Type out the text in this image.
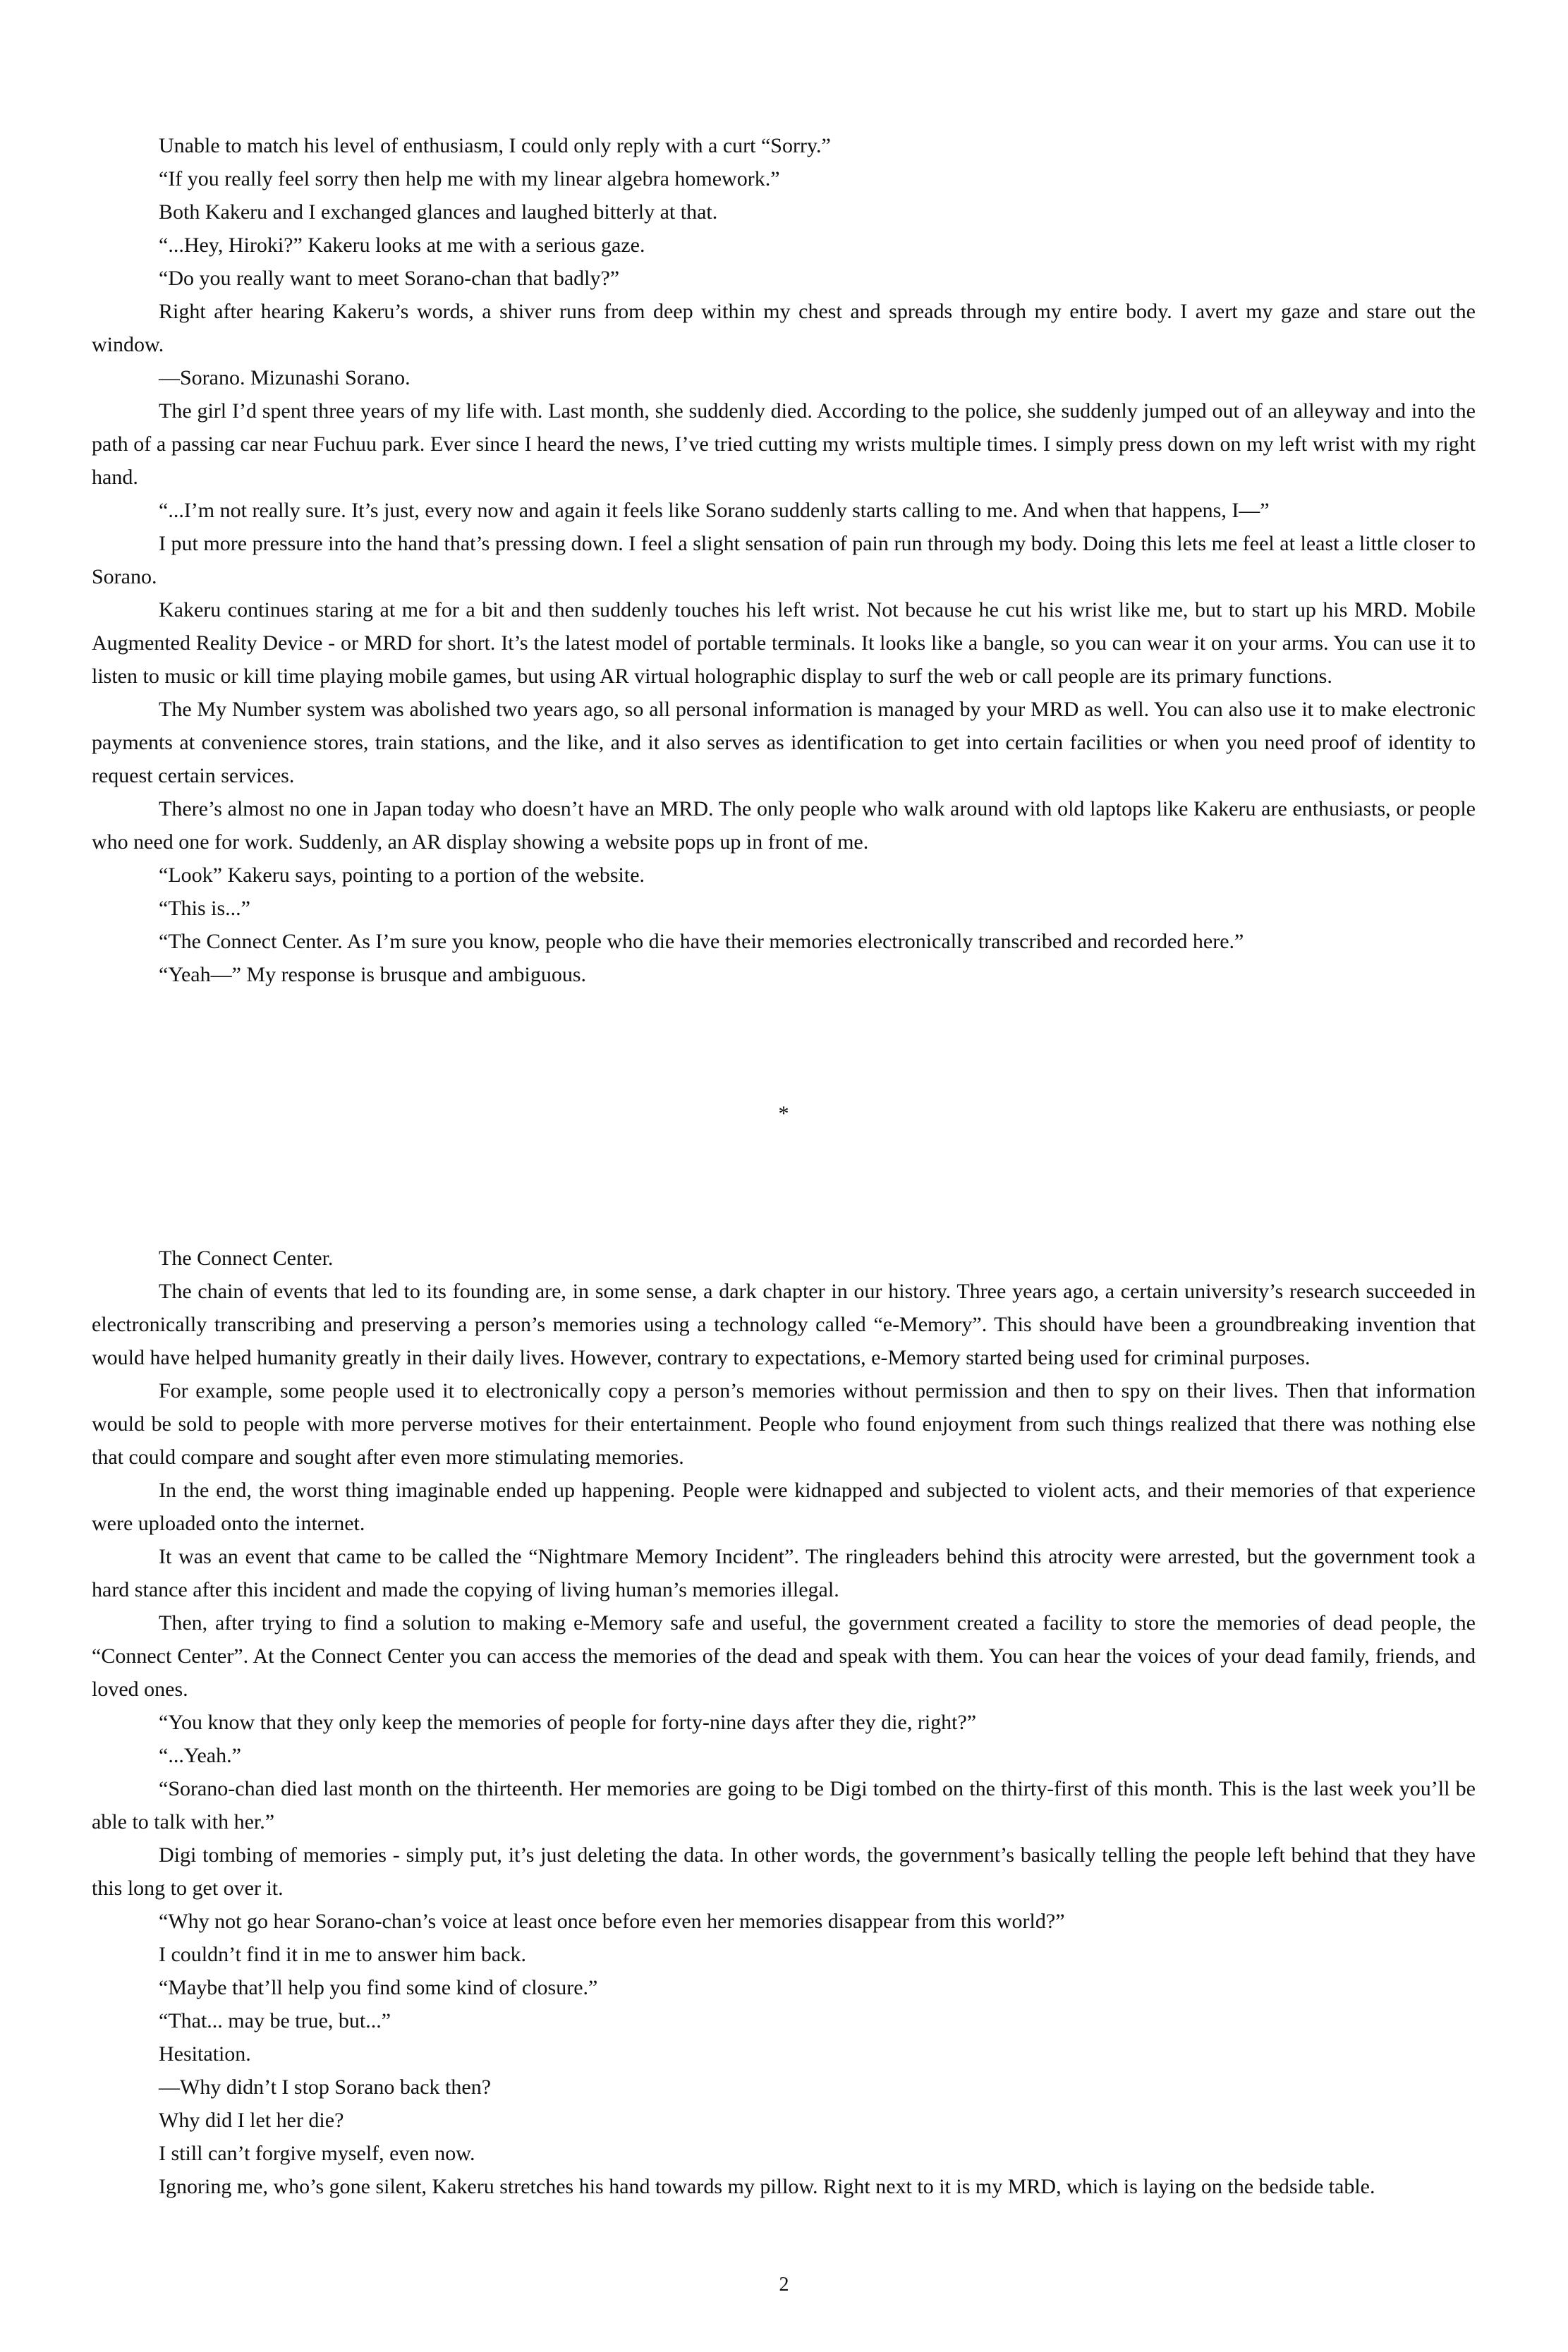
Unable to match his level of enthusiasm, I could only reply with a curt “Sorry.”

“If you really feel sorry then help me with my linear algebra homework.”

Both Kakeru and I exchanged glances and laughed bitterly at that.

“...Hey, Hiroki?” Kakeru looks at me with a serious gaze.

“Do you really want to meet Sorano-chan that badly?”

Right after hearing Kakeru’s words, a shiver runs from deep within my chest and spreads through my entire body. I avert my gaze and stare out the window.

—Sorano. Mizunashi Sorano.

The girl I’d spent three years of my life with. Last month, she suddenly died. According to the police, she suddenly jumped out of an alleyway and into the path of a passing car near Fuchuu park. Ever since I heard the news, I’ve tried cutting my wrists multiple times. I simply press down on my left wrist with my right hand.

“...I’m not really sure. It’s just, every now and again it feels like Sorano suddenly starts calling to me. And when that happens, I—”

I put more pressure into the hand that’s pressing down. I feel a slight sensation of pain run through my body. Doing this lets me feel at least a little closer to Sorano.

Kakeru continues staring at me for a bit and then suddenly touches his left wrist. Not because he cut his wrist like me, but to start up his MRD. Mobile Augmented Reality Device - or MRD for short. It’s the latest model of portable terminals. It looks like a bangle, so you can wear it on your arms. You can use it to listen to music or kill time playing mobile games, but using AR virtual holographic display to surf the web or call people are its primary functions.

The My Number system was abolished two years ago, so all personal information is managed by your MRD as well. You can also use it to make electronic payments at convenience stores, train stations, and the like, and it also serves as identification to get into certain facilities or when you need proof of identity to request certain services.

There’s almost no one in Japan today who doesn’t have an MRD. The only people who walk around with old laptops like Kakeru are enthusiasts, or people who need one for work. Suddenly, an AR display showing a website pops up in front of me.

“Look” Kakeru says, pointing to a portion of the website.

“This is...”

“The Connect Center. As I’m sure you know, people who die have their memories electronically transcribed and recorded here.”

“Yeah—” My response is brusque and ambiguous.

*

The Connect Center.

The chain of events that led to its founding are, in some sense, a dark chapter in our history. Three years ago, a certain university’s research succeeded in electronically transcribing and preserving a person’s memories using a technology called “e-Memory”. This should have been a groundbreaking invention that would have helped humanity greatly in their daily lives. However, contrary to expectations, e-Memory started being used for criminal purposes.

For example, some people used it to electronically copy a person’s memories without permission and then to spy on their lives. Then that information would be sold to people with more perverse motives for their entertainment. People who found enjoyment from such things realized that there was nothing else that could compare and sought after even more stimulating memories.

In the end, the worst thing imaginable ended up happening. People were kidnapped and subjected to violent acts, and their memories of that experience were uploaded onto the internet.

It was an event that came to be called the “Nightmare Memory Incident”. The ringleaders behind this atrocity were arrested, but the government took a hard stance after this incident and made the copying of living human’s memories illegal.

Then, after trying to find a solution to making e-Memory safe and useful, the government created a facility to store the memories of dead people, the “Connect Center”. At the Connect Center you can access the memories of the dead and speak with them. You can hear the voices of your dead family, friends, and loved ones.

“You know that they only keep the memories of people for forty-nine days after they die, right?”

“...Yeah.”

“Sorano-chan died last month on the thirteenth. Her memories are going to be Digi tombed on the thirty-first of this month. This is the last week you’ll be able to talk with her.”

Digi tombing of memories - simply put, it’s just deleting the data. In other words, the government’s basically telling the people left behind that they have this long to get over it.

“Why not go hear Sorano-chan’s voice at least once before even her memories disappear from this world?”

I couldn’t find it in me to answer him back.

“Maybe that’ll help you find some kind of closure.”

“That... may be true, but...”

Hesitation.

—Why didn’t I stop Sorano back then?

Why did I let her die?

I still can’t forgive myself, even now.

Ignoring me, who’s gone silent, Kakeru stretches his hand towards my pillow. Right next to it is my MRD, which is laying on the bedside table.

2
